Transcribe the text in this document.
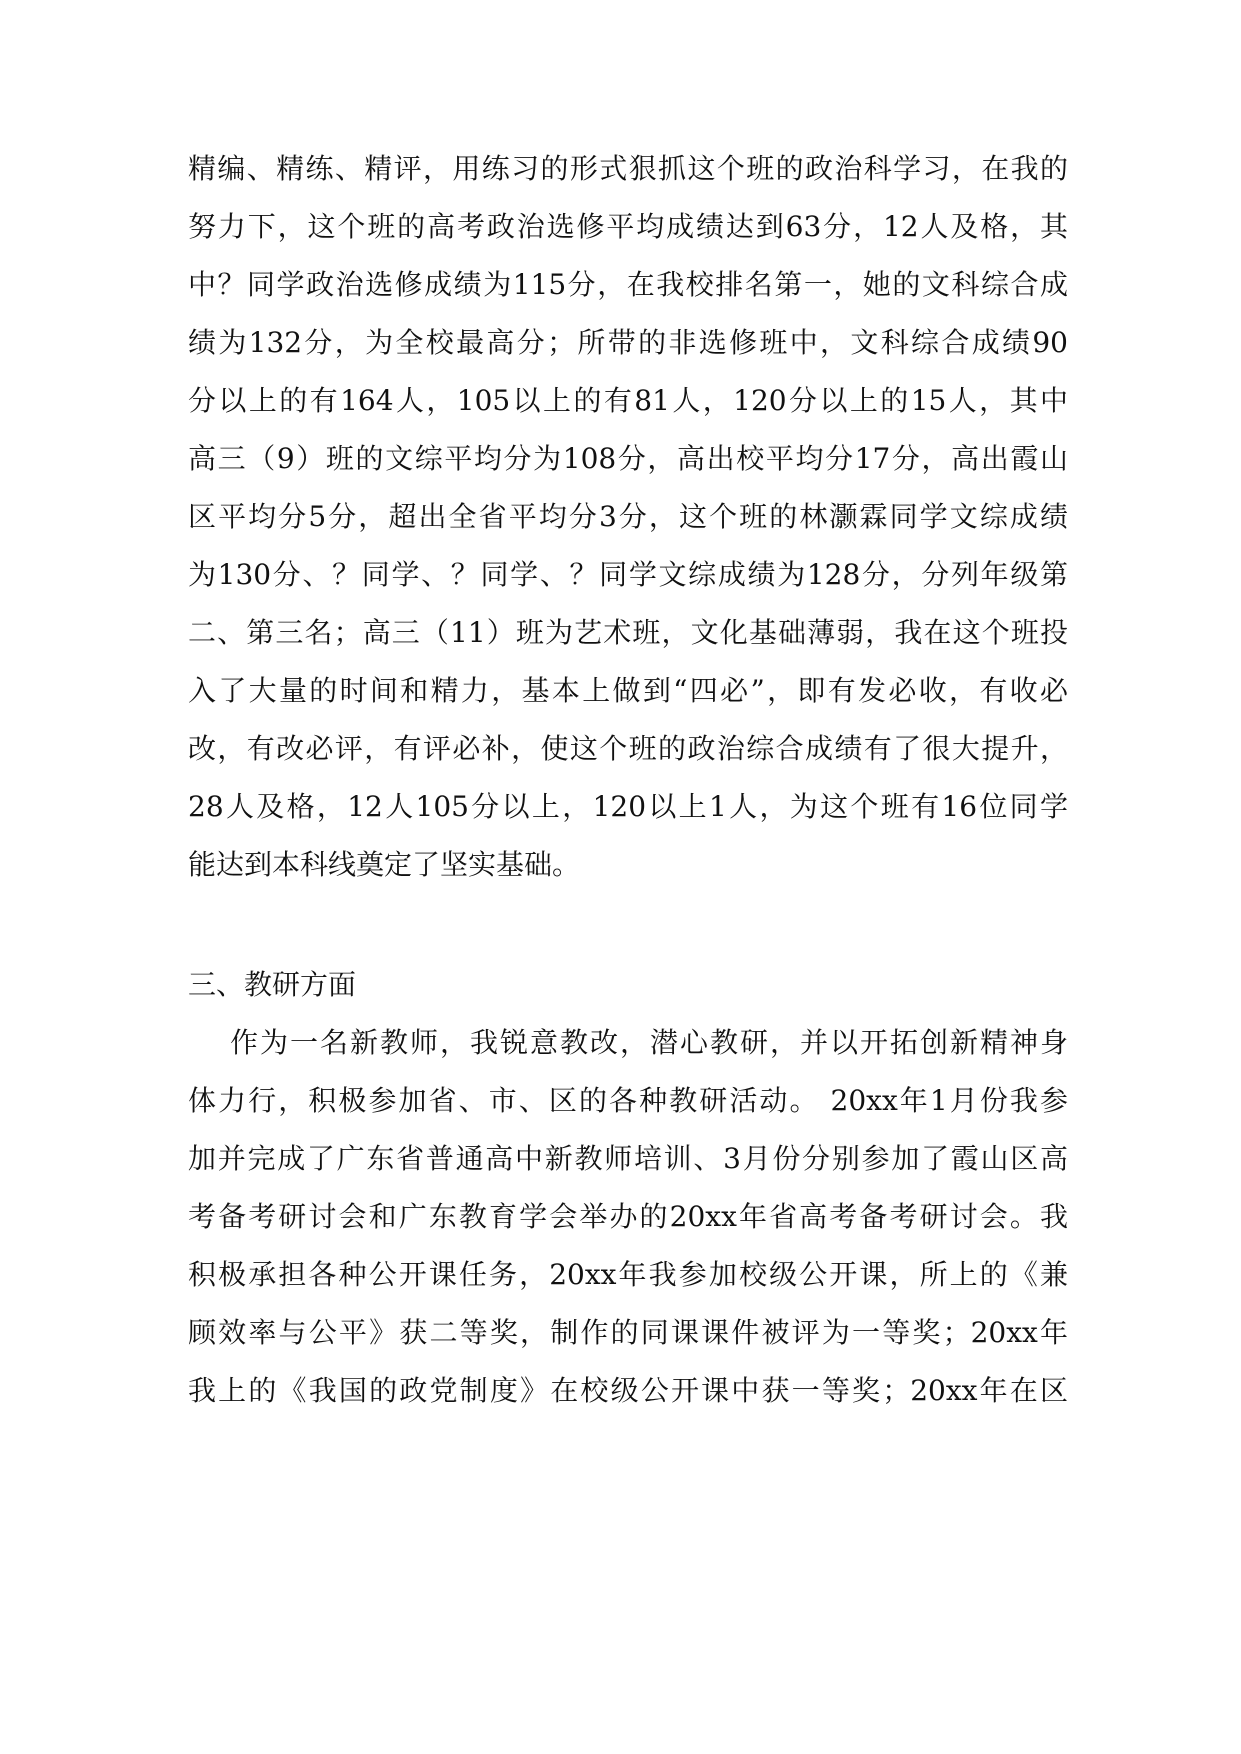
精编、精练、精评，用练习的形式狠抓这个班的政治科学习，在我的
努力下，这个班的高考政治选修平均成绩达到63分，12人及格，其
中？同学政治选修成绩为115分，在我校排名第一，她的文科综合成
绩为132分，为全校最高分；所带的非选修班中，文科综合成绩90
分以上的有164人，105以上的有81人，120分以上的15人，其中
高三（9）班的文综平均分为108分，高出校平均分17分，高出霞山
区平均分5分，超出全省平均分3分，这个班的林灏霖同学文综成绩
为130分、？同学、？同学、？同学文综成绩为128分，分列年级第
二、第三名；高三（11）班为艺术班，文化基础薄弱，我在这个班投
入了大量的时间和精力，基本上做到“四必”，即有发必收，有收必
改，有改必评，有评必补，使这个班的政治综合成绩有了很大提升，
28人及格，12人105分以上，120以上1人，为这个班有16位同学
能达到本科线奠定了坚实基础。
三、教研方面
作为一名新教师，我锐意教改，潜心教研，并以开拓创新精神身
体力行，积极参加省、市、区的各种教研活动。 20xx年1月份我参
加并完成了广东省普通高中新教师培训、3月份分别参加了霞山区高
考备考研讨会和广东教育学会举办的20xx年省高考备考研讨会。我
积极承担各种公开课任务，20xx年我参加校级公开课，所上的《兼
顾效率与公平》获二等奖，制作的同课课件被评为一等奖；20xx年
我上的《我国的政党制度》在校级公开课中获一等奖；20xx年在区
